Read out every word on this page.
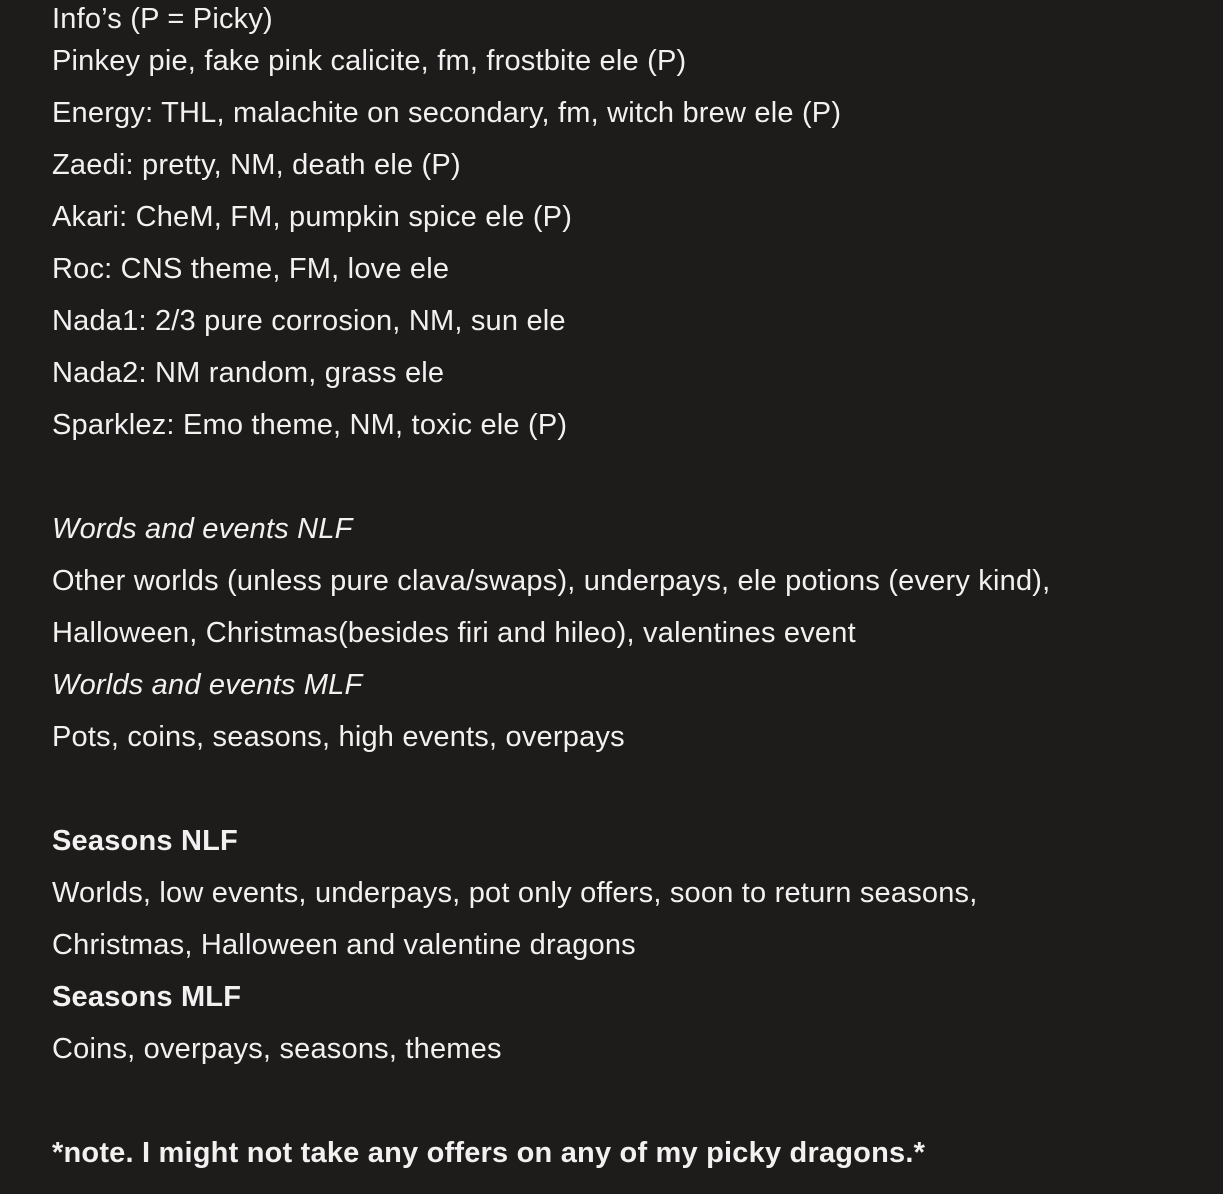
Info’s (P = Picky)
Pinkey pie, fake pink calicite, fm, frostbite ele (P)
Energy: THL, malachite on secondary, fm, witch brew ele (P)
Zaedi: pretty, NM, death ele (P)
Akari: CheM, FM, pumpkin spice ele (P)
Roc: CNS theme, FM, love ele
Nada1: 2/3 pure corrosion, NM, sun ele
Nada2: NM random, grass ele
Sparklez: Emo theme, NM, toxic ele (P)
Words and events NLF
Other worlds (unless pure clava/swaps), underpays, ele potions (every kind),
Halloween, Christmas(besides firi and hileo), valentines event
Worlds and events MLF
Pots, coins, seasons, high events, overpays
Seasons NLF
Worlds, low events, underpays, pot only offers, soon to return seasons,
Christmas, Halloween and valentine dragons
Seasons MLF
Coins, overpays, seasons, themes
*note. I might not take any offers on any of my picky dragons.*
